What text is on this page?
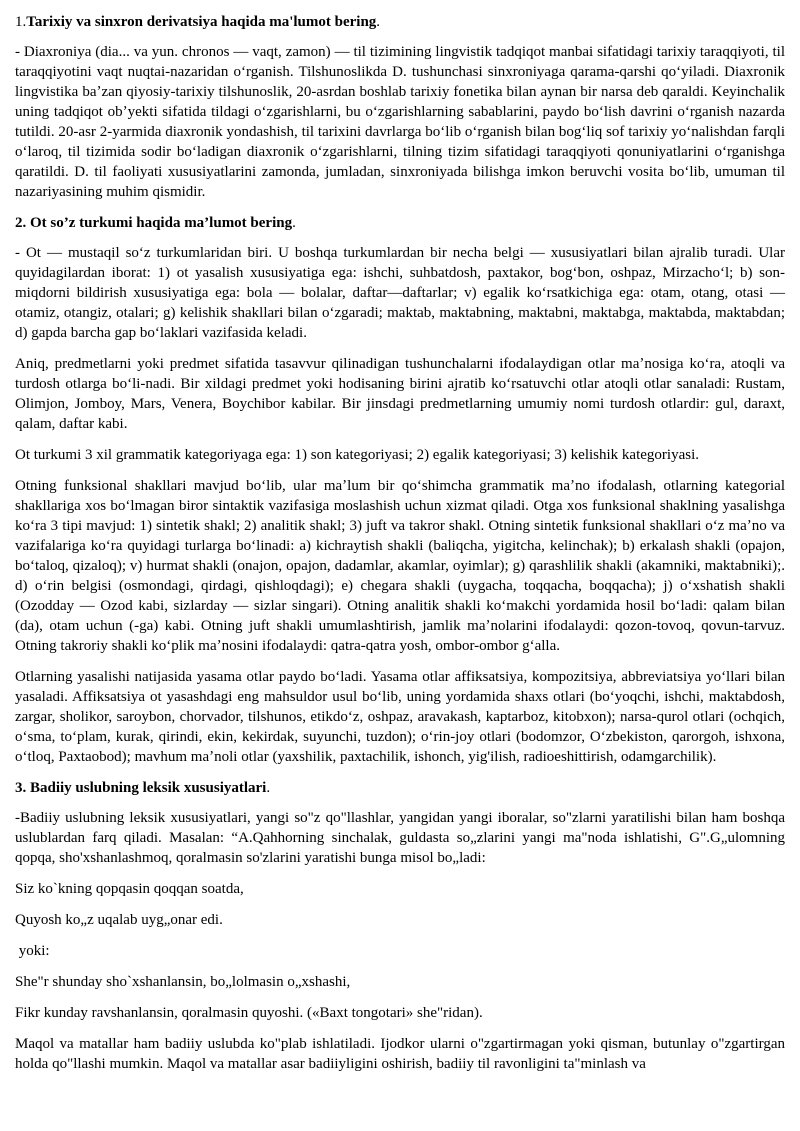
1.Tarixiy va sinxron derivatsiya haqida ma'lumot bering.

- Diaxroniya (dia... va yun. chronos — vaqt, zamon) — til tizimining lingvistik tadqiqot manbai sifatidagi tarixiy taraqqiyoti, til taraqqiyotini vaqt nuqtai-nazaridan oʻrganish. Tilshunoslikda D. tushunchasi sinxroniyaga qarama-qarshi qoʻyiladi. Diaxronik lingvistika baʼzan qiyosiy-tarixiy tilshunoslik, 20-asrdan boshlab tarixiy fonetika bilan aynan bir narsa deb qaraldi. Keyinchalik uning tadqiqot obʼyekti sifatida tildagi oʻzgarishlarni, bu oʻzgarishlarning sabablarini, paydo boʻlish davrini oʻrganish nazarda tutildi. 20-asr 2-yarmida diaxronik yondashish, til tarixini davrlarga boʻlib oʻrganish bilan bogʻliq sof tarixiy yoʻnalishdan farqli oʻlaroq, til tizimida sodir boʻladigan diaxronik oʻzgarishlarni, tilning tizim sifatidagi taraqqiyoti qonuniyatlarini oʻrganishga qaratildi. D. til faoliyati xususiyatlarini zamonda, jumladan, sinxroniyada bilishga imkon beruvchi vosita boʻlib, umuman til nazariyasining muhim qismidir.

2. Ot so’z turkumi haqida ma’lumot bering.

- Ot — mustaqil soʻz turkumlaridan biri. U boshqa turkumlardan bir necha belgi — xususiyatlari bilan ajralib turadi. Ular quyidagilardan iborat: 1) ot yasalish xususiyatiga ega: ishchi, suhbatdosh, paxtakor, bogʻbon, oshpaz, Mirzachoʻl; b) son-miqdorni bildirish xususiyatiga ega: bola — bolalar, daftar—daftarlar; v) egalik koʻrsatkichiga ega: otam, otang, otasi — otamiz, otangiz, otalari; g) kelishik shakllari bilan oʻzgaradi; maktab, maktabning, maktabni, maktabga, maktabda, maktabdan; d) gapda barcha gap boʻlaklari vazifasida keladi.

Aniq, predmetlarni yoki predmet sifatida tasavvur qilinadigan tushunchalarni ifodalaydigan otlar maʼnosiga koʻra, atoqli va turdosh otlarga boʻli-nadi. Bir xildagi predmet yoki hodisaning birini ajratib koʻrsatuvchi otlar atoqli otlar sanaladi: Rustam, Olimjon, Jomboy, Mars, Venera, Boychibor kabilar. Bir jinsdagi predmetlarning umumiy nomi turdosh otlardir: gul, daraxt, qalam, daftar kabi.

Ot turkumi 3 xil grammatik kategoriyaga ega: 1) son kategoriyasi; 2) egalik kategoriyasi; 3) kelishik kategoriyasi.

Otning funksional shakllari mavjud boʻlib, ular maʼlum bir qoʻshimcha grammatik maʼno ifodalash, otlarning kategorial shakllariga xos boʻlmagan biror sintaktik vazifasiga moslashish uchun xizmat qiladi. Otga xos funksional shaklning yasalishga koʻra 3 tipi mavjud: 1) sintetik shakl; 2) analitik shakl; 3) juft va takror shakl. Otning sintetik funksional shakllari oʻz maʼno va vazifalariga koʻra quyidagi turlarga boʻlinadi: a) kichraytish shakli (baliqcha, yigitcha, kelinchak); b) erkalash shakli (opajon, boʻtaloq, qizaloq); v) hurmat shakli (onajon, opajon, dadamlar, akamlar, oyimlar); g) qarashlilik shakli (akamniki, maktabniki);. d) oʻrin belgisi (osmondagi, qirdagi, qishloqdagi); e) chegara shakli (uygacha, toqqacha, boqqacha); j) oʻxshatish shakli (Ozodday — Ozod kabi, sizlarday — sizlar singari). Otning analitik shakli koʻmakchi yordamida hosil boʻladi: qalam bilan (da), otam uchun (-ga) kabi. Otning juft shakli umumlashtirish, jamlik maʼnolarini ifodalaydi: qozon-tovoq, qovun-tarvuz. Otning takroriy shakli koʻplik maʼnosini ifodalaydi: qatra-qatra yosh, ombor-ombor gʻalla.

Otlarning yasalishi natijasida yasama otlar paydo boʻladi. Yasama otlar affiksatsiya, kompozitsiya, abbreviatsiya yoʻllari bilan yasaladi. Affiksatsiya ot yasashdagi eng mahsuldor usul boʻlib, uning yordamida shaxs otlari (boʻyoqchi, ishchi, maktabdosh, zargar, sholikor, saroybon, chorvador, tilshunos, etikdoʻz, oshpaz, aravakash, kaptarboz, kitobxon); narsa-qurol otlari (ochqich, oʻsma, toʻplam, kurak, qirindi, ekin, kekirdak, suyunchi, tuzdon); oʻrin-joy otlari (bodomzor, Oʻzbekiston, qarorgoh, ishxona, oʻtloq, Paxtaobod); mavhum maʼnoli otlar (yaxshilik, paxtachilik, ishonch, yig'ilish, radioeshittirish, odamgarchilik).

3. Badiiy uslubning leksik xususiyatlari.

-Badiiy uslubning leksik xususiyatlari, yangi so"z qo"llashlar, yangidan yangi iboralar, so"zlarni yaratilishi bilan ham boshqa uslublardan farq qiladi. Masalan: “A.Qahhorning sinchalak, guldasta so„zlarini yangi ma"noda ishlatishi, G".G„ulomning qopqa, sho'xshanlashmoq, qoralmasin so'zlarini yaratishi bunga misol bo„ladi:

Siz ko`kning qopqasin qoqqan soatda,

Quyosh ko„z uqalab uyg„onar edi.

yoki:

She"r shunday sho`xshanlansin, bo„lolmasin o„xshashi,

Fikr kunday ravshanlansin, qoralmasin quyoshi. («Baxt tongotari» she"ridan).

Maqol va matallar ham badiiy uslubda ko"plab ishlatiladi. Ijodkor ularni o"zgartirmagan yoki qisman, butunlay o"zgartirgan holda qo"llashi mumkin. Maqol va matallar asar badiiyligini oshirish, badiiy til ravonligini ta"minlash va
